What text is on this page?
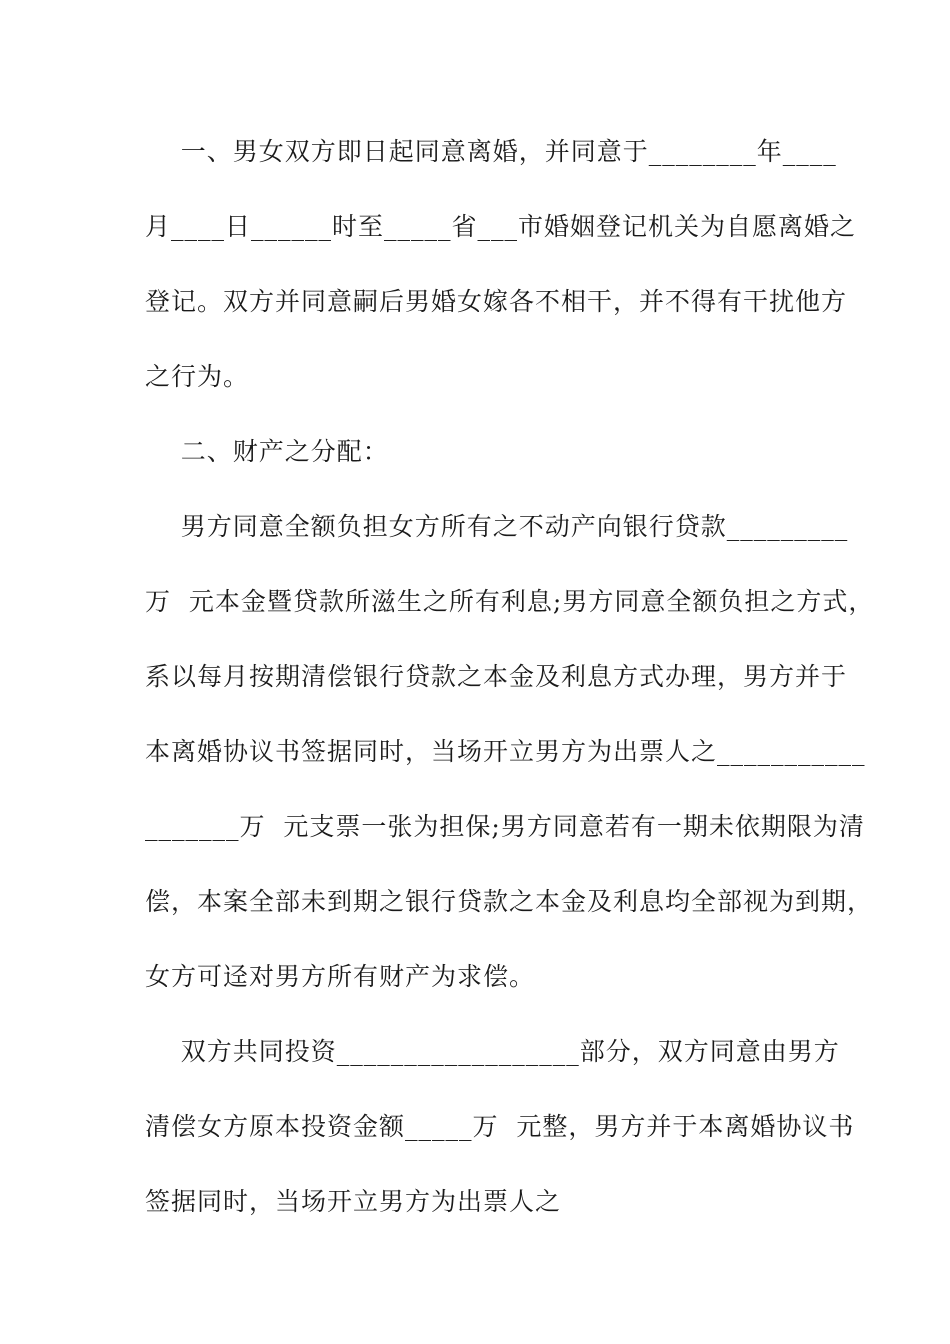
一、男女双方即日起同意离婚，并同意于________年____
月____日______时至_____省___市婚姻登记机关为自愿离婚之
登记。双方并同意嗣后男婚女嫁各不相干，并不得有干扰他方
之行为。
二、财产之分配：
男方同意全额负担女方所有之不动产向银行贷款_________
万  元本金暨贷款所滋生之所有利息;男方同意全额负担之方式，
系以每月按期清偿银行贷款之本金及利息方式办理，男方并于
本离婚协议书签据同时，当场开立男方为出票人之___________
_______万  元支票一张为担保;男方同意若有一期未依期限为清
偿，本案全部未到期之银行贷款之本金及利息均全部视为到期，
女方可迳对男方所有财产为求偿。
双方共同投资__________________部分，双方同意由男方
清偿女方原本投资金额_____万  元整，男方并于本离婚协议书
签据同时，当场开立男方为出票人之
